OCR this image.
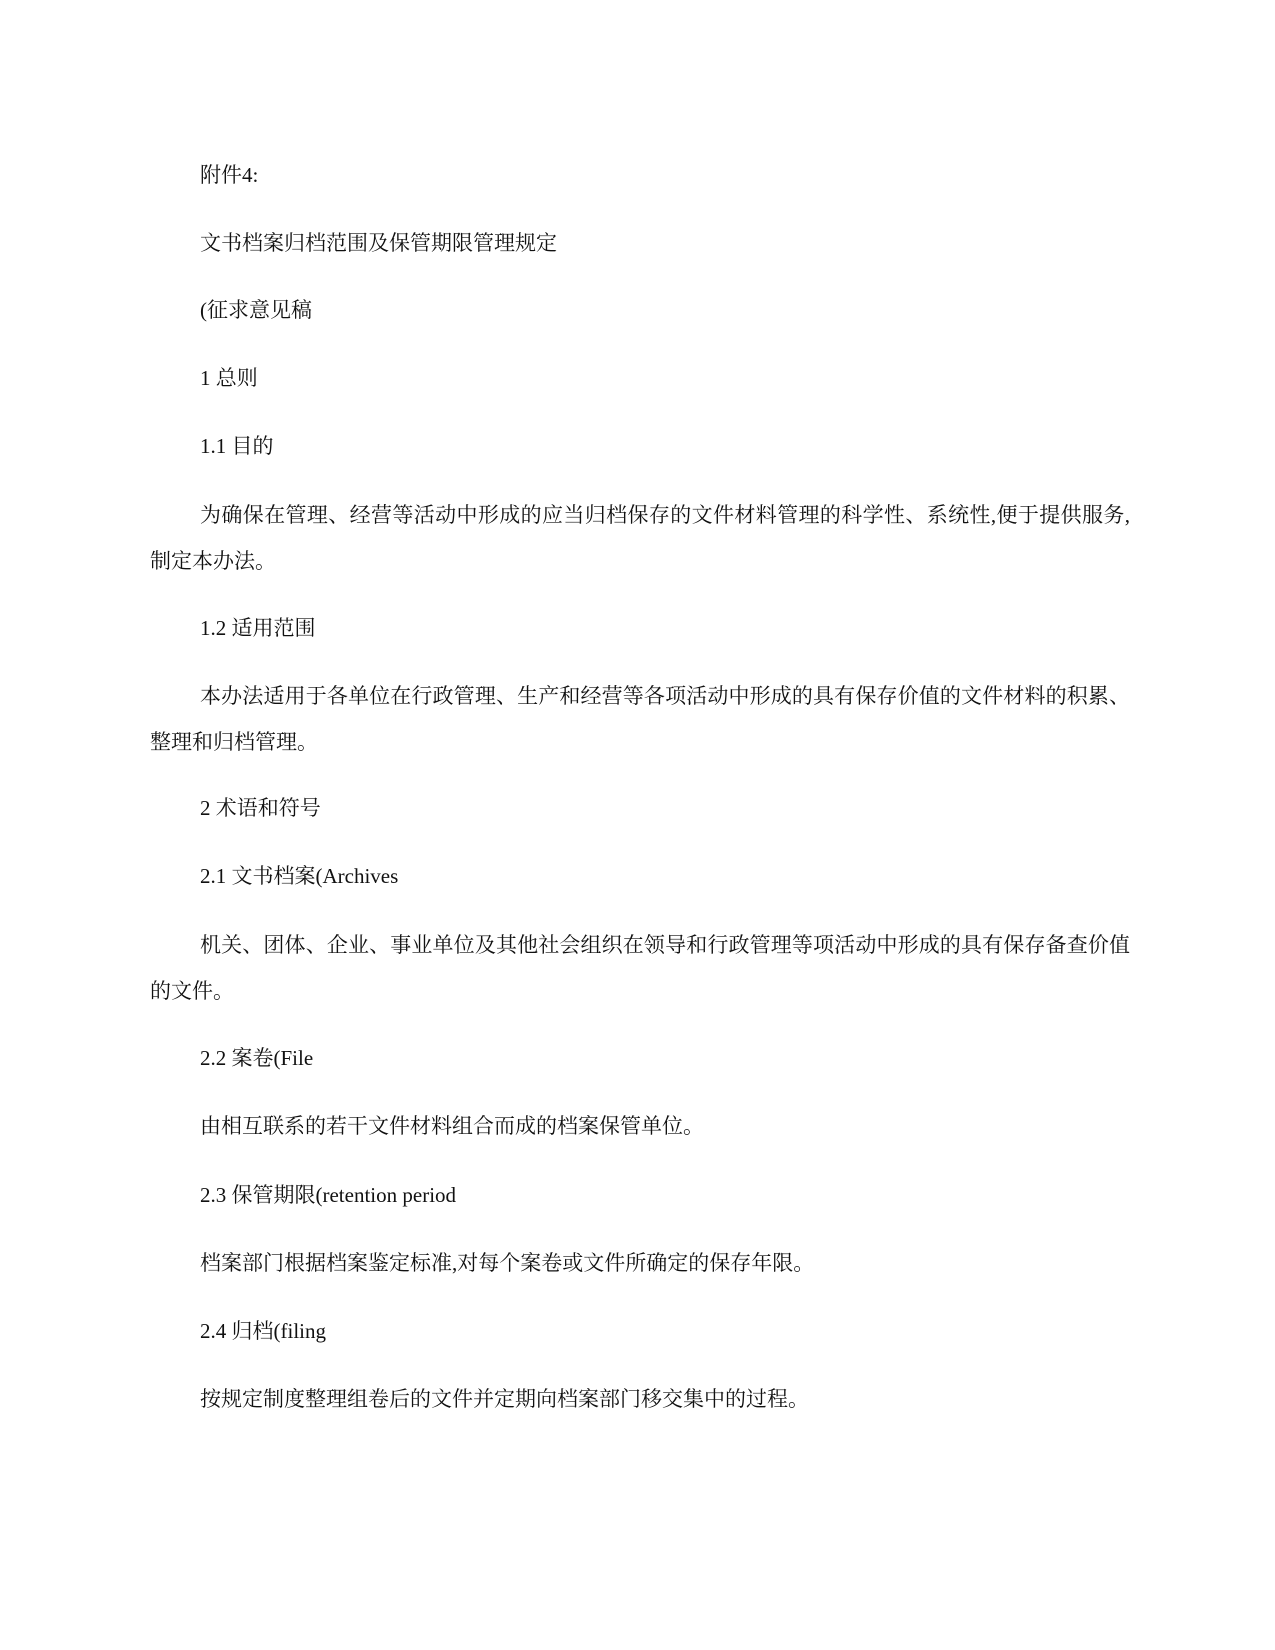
附件4:

文书档案归档范围及保管期限管理规定

(征求意见稿

1 总则

1.1 目的

为确保在管理、经营等活动中形成的应当归档保存的文件材料管理的科学性、系统性,便于提供服务,制定本办法。

1.2 适用范围

本办法适用于各单位在行政管理、生产和经营等各项活动中形成的具有保存价值的文件材料的积累、整理和归档管理。

2 术语和符号

2.1 文书档案(Archives

机关、团体、企业、事业单位及其他社会组织在领导和行政管理等项活动中形成的具有保存备查价值的文件。

2.2 案卷(File

由相互联系的若干文件材料组合而成的档案保管单位。

2.3 保管期限(retention period

档案部门根据档案鉴定标准,对每个案卷或文件所确定的保存年限。

2.4 归档(filing

按规定制度整理组卷后的文件并定期向档案部门移交集中的过程。
